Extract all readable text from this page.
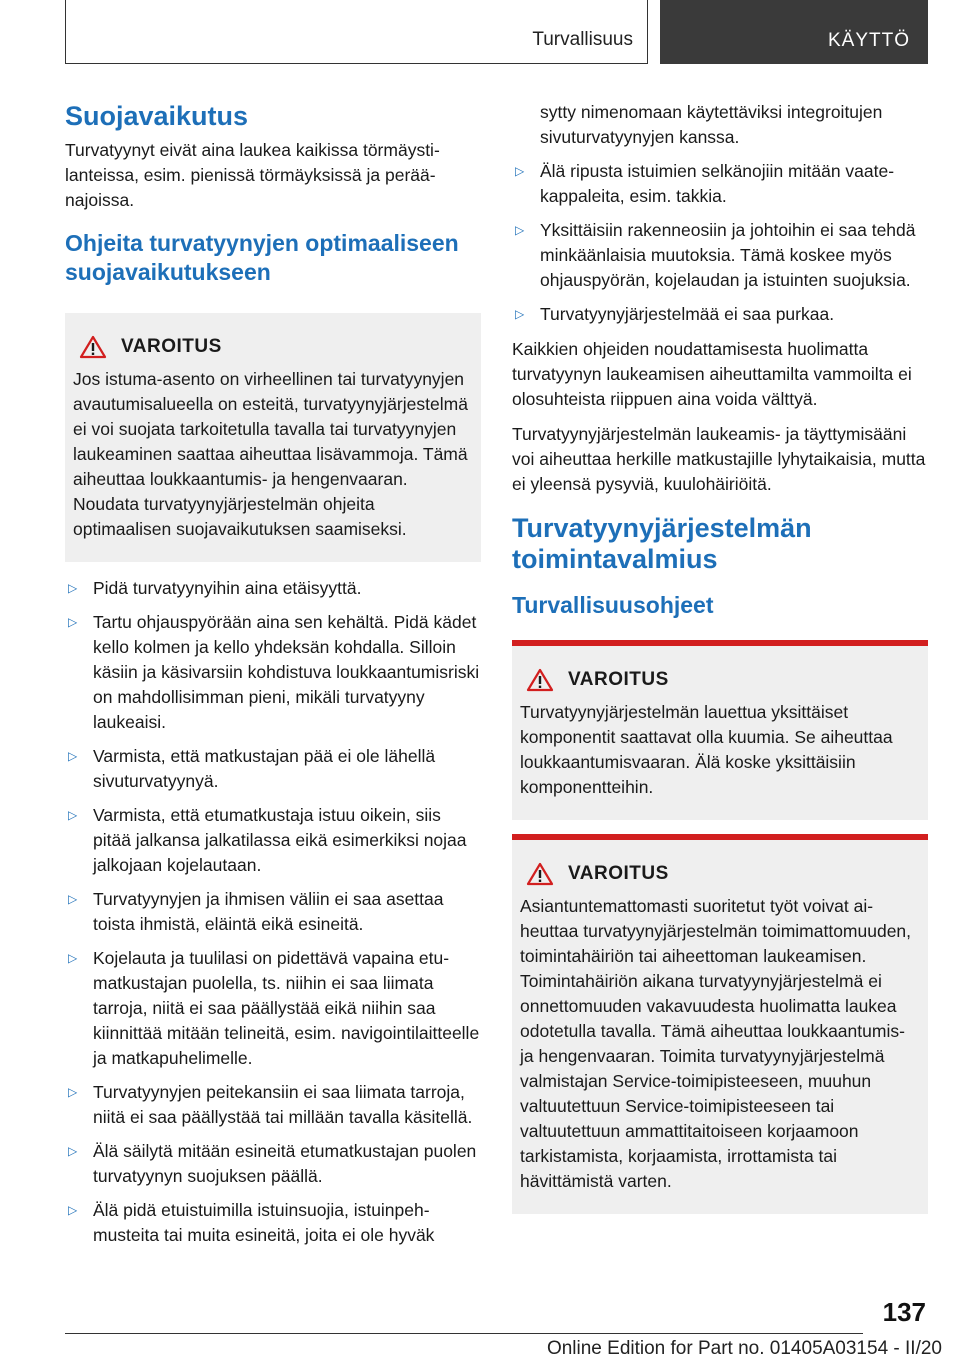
Turvallisuus	KÄYTTÖ
Suojavaikutus

Turvatyynyt eivät aina laukea kaikissa törmäystilanteissa, esim. pienissä törmäyksissä ja peräänajoissa.

Ohjeita turvatyynyjen optimaaliseen suojavaikutukseen
VAROITUS

Jos istuma-asento on virheellinen tai turvatyynyjen avautumisalueella on esteitä, turvatyynyjärjestelmä ei voi suojata tarkoitetulla tavalla tai turvatyynyjen laukeaminen saattaa aiheuttaa lisävammoja. Tämä aiheuttaa loukkaantumis- ja hengenvaaran. Noudata turvatyynyjärjestelmän ohjeita optimaalisen suojavaikutuksen saamiseksi.

▷ Pidä turvatyynyihin aina etäisyyttä.
▷ Tartu ohjauspyörään aina sen kehältä. Pidä kädet kello kolmen ja kello yhdeksän kohdalla. Silloin käsiin ja käsivarsiin kohdistuva loukkaantumisriski on mahdollisimman pieni, mikäli turvatyyny laukeaisi.
▷ Varmista, että matkustajan pää ei ole lähellä sivuturvatyynyä.
▷ Varmista, että etumatkustaja istuu oikein, siis pitää jalkansa jalkatilassa eikä esimerkiksi nojaa jalkojaan kojelautaan.
▷ Turvatyynyjen ja ihmisen väliin ei saa asettaa toista ihmistä, eläintä eikä esineitä.
▷ Kojelauta ja tuulilasi on pidettävä vapaina etumatkustajan puolella, ts. niihin ei saa liimata tarroja, niitä ei saa päällystää eikä niihin saa kiinnittää mitään telineitä, esim. navigointilaitteelle ja matkapuhelimelle.
▷ Turvatyynyjen peitekansiin ei saa liimata tarroja, niitä ei saa päällystää tai millään tavalla käsitellä.
▷ Älä säilytä mitään esineitä etumatkustajan puolen turvatyynyn suojuksen päällä.
▷ Älä pidä etuistuimilla istuinsuojia, istuinpehmusteita tai muita esineitä, joita ei ole hyväk
sytty nimenomaan käytettäviksi integroitujen sivuturvatyynyjen kanssa.
▷ Älä ripusta istuimien selkänojiin mitään vaatekappaleita, esim. takkia.
▷ Yksittäisiin rakenneosiin ja johtoihin ei saa tehdä minkäänlaisia muutoksia. Tämä koskee myös ohjauspyörän, kojelaudan ja istuinten suojuksia.
▷ Turvatyynyjärjestelmää ei saa purkaa.

Kaikkien ohjeiden noudattamisesta huolimatta turvatyynyn laukeamisen aiheuttamilta vammoilta ei olosuhteista riippuen aina voida välttyä.

Turvatyynyjärjestelmän laukeamis- ja täyttymisääni voi aiheuttaa herkille matkustajille lyhytaikaisia, mutta ei yleensä pysyviä, kuulohäiriöitä.

Turvatyynyjärjestelmän toimintavalmius
Turvallisuusohjeet
VAROITUS

Turvatyynyjärjestelmän lauettua yksittäiset komponentit saattavat olla kuumia. Se aiheuttaa loukkaantumisvaaran. Älä koske yksittäisiin komponentteihin.

VAROITUS

Asiantuntemattomasti suoritetut työt voivat aiheuttaa turvatyynyjärjestelmän toimimattomuuden, toimintahäiriön tai aiheettoman laukeamisen. Toimintahäiriön aikana turvatyynyjärjestelmä ei onnettomuuden vakavuudesta huolimatta laukea odotetulla tavalla. Tämä aiheuttaa loukkaantumis- ja hengenvaaran. Toimita turvatyynyjärjestelmä valmistajan Service-toimipisteeseen, muuhun valtuutettuun Service-toimipisteeseen tai valtuutettuun ammattitaitoiseen korjaamoon tarkistamista, korjaamista, irrottamista tai hävittämistä varten.

137
Online Edition for Part no. 01405A03154 - II/20
